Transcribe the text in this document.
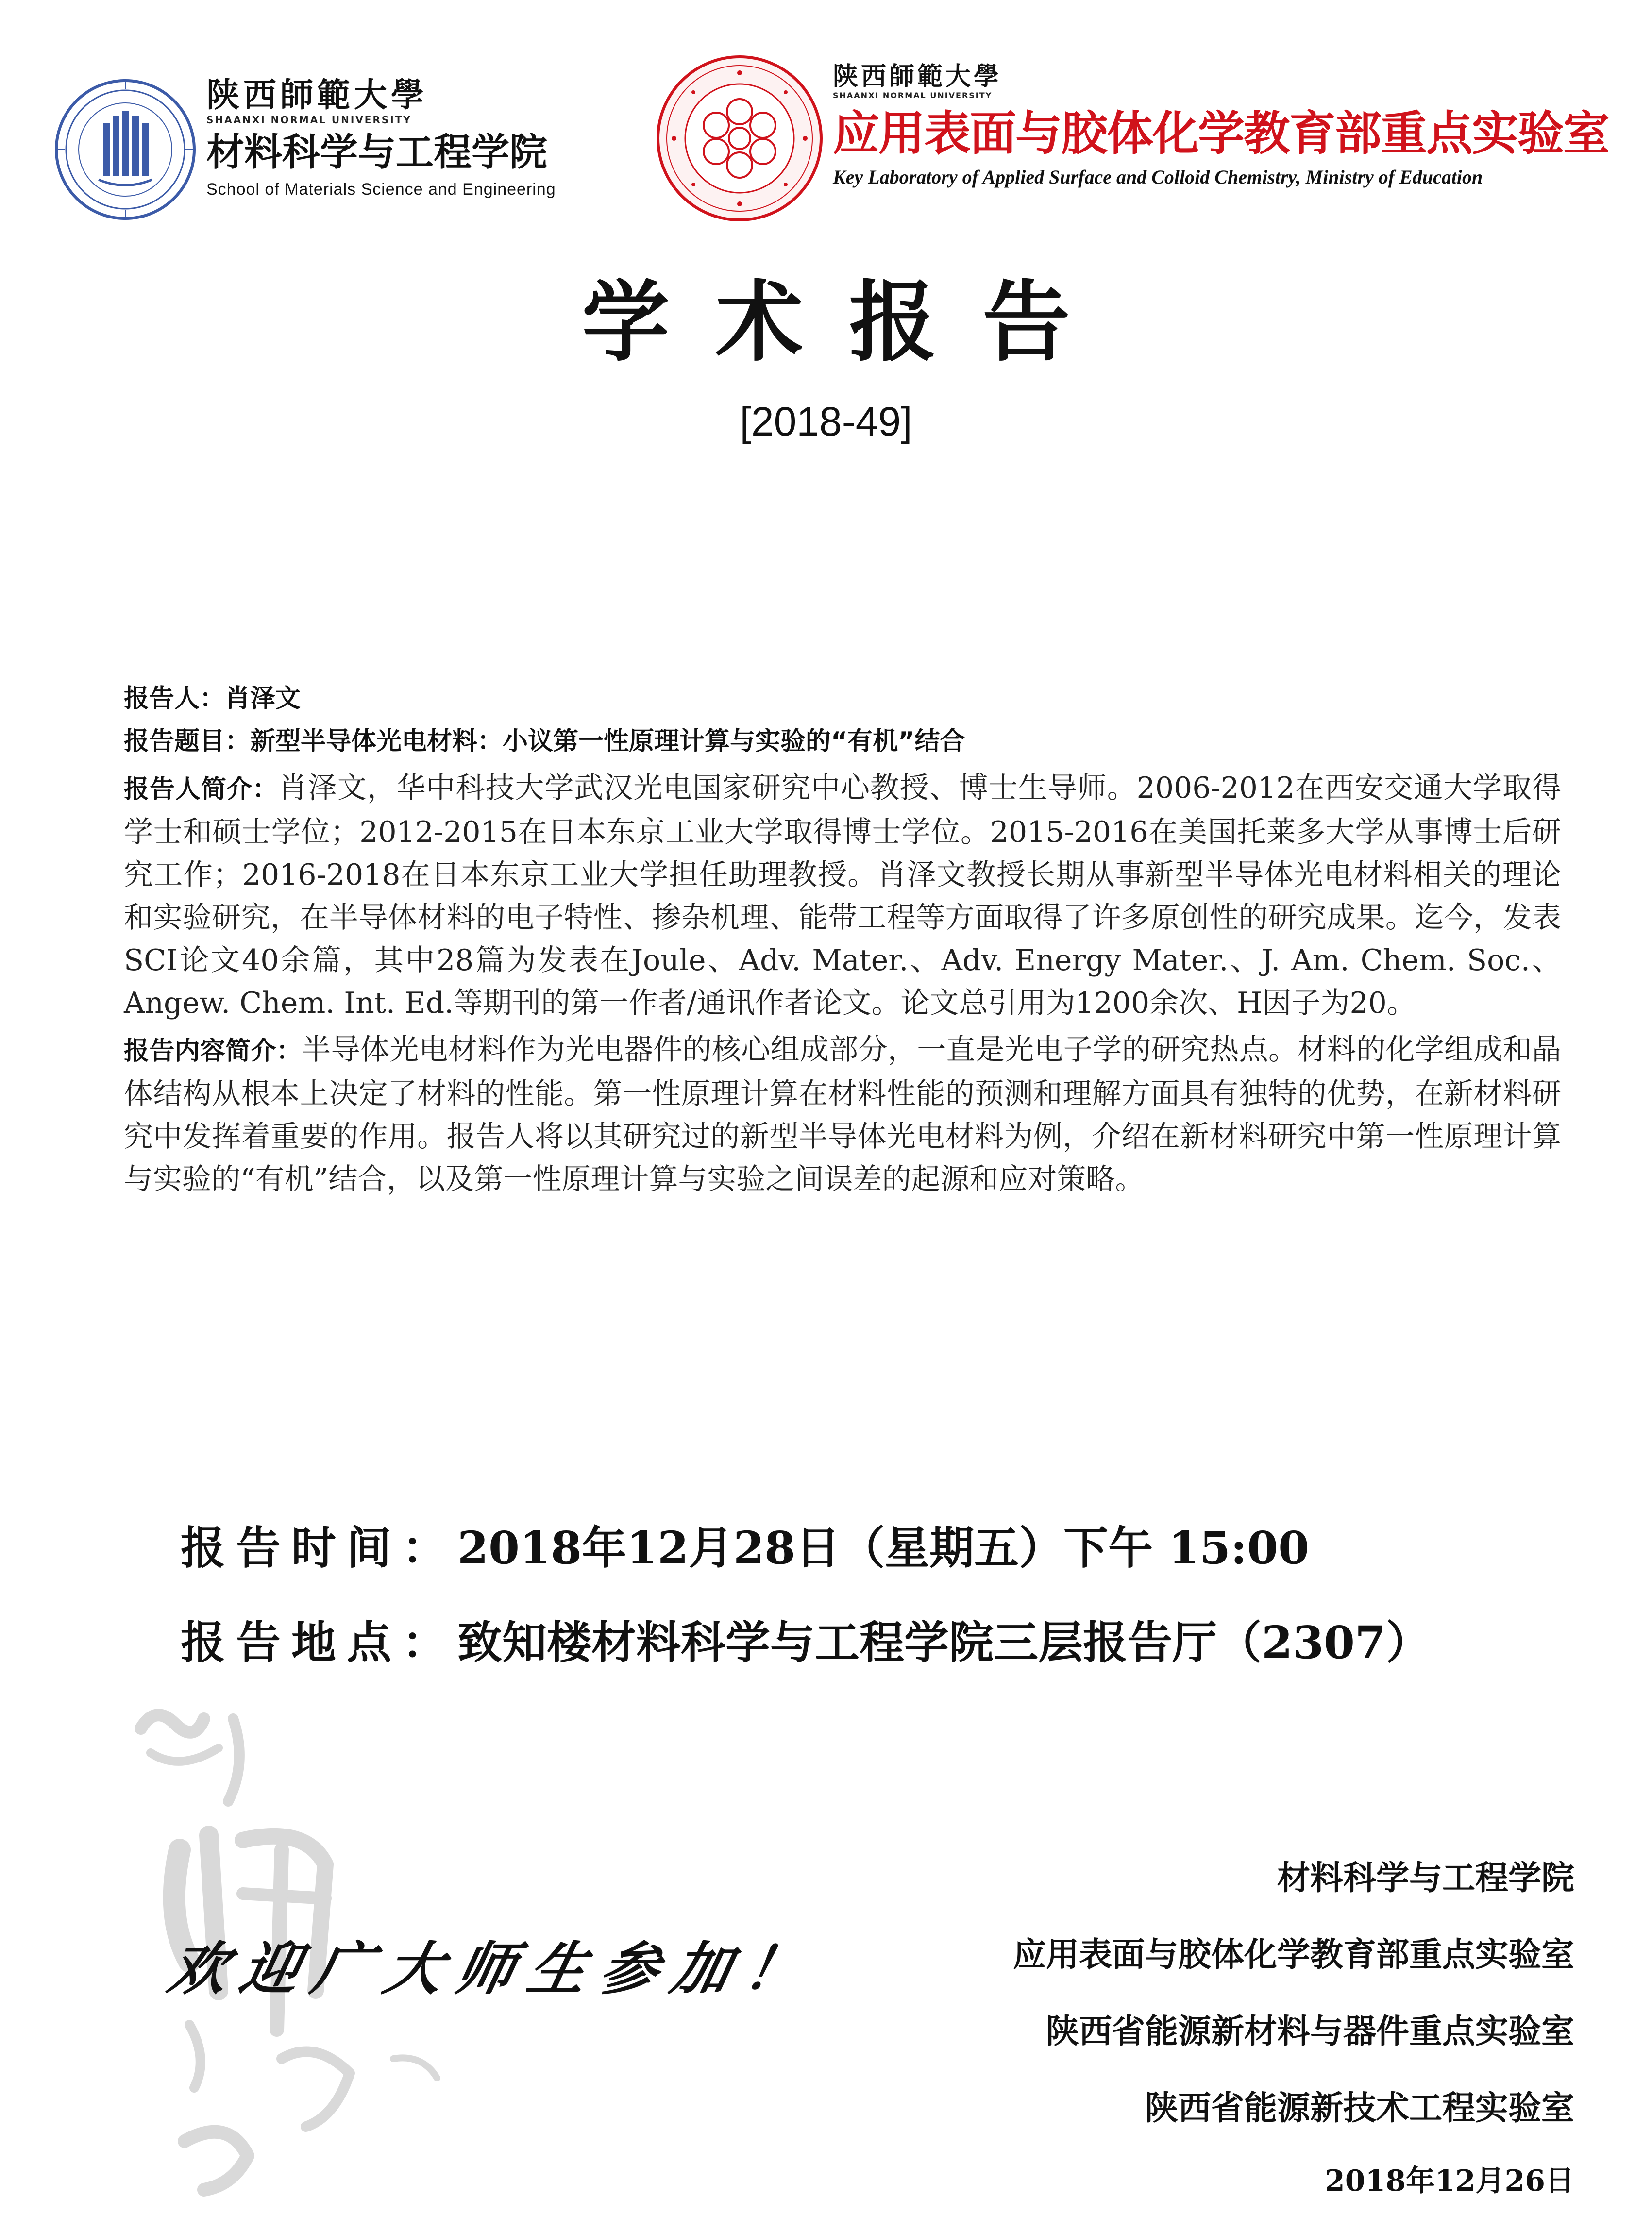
陕西師範大學
SHAANXI NORMAL UNIVERSITY
材料科学与工程学院
School of Materials Science and Engineering
陕西師範大學
SHAANXI NORMAL UNIVERSITY
应用表面与胶体化学教育部重点实验室
Key Laboratory of Applied Surface and Colloid Chemistry, Ministry of Education
学术报告
[2018-49]

报告人：肖泽文

报告题目：新型半导体光电材料：小议第一性原理计算与实验的“有机”结合

报告人简介：肖泽文，华中科技大学武汉光电国家研究中心教授、博士生导师。2006-2012在西安交通大学取得学士和硕士学位；2012-2015在日本东京工业大学取得博士学位。2015-2016在美国托莱多大学从事博士后研究工作；2016-2018在日本东京工业大学担任助理教授。肖泽文教授长期从事新型半导体光电材料相关的理论和实验研究，在半导体材料的电子特性、掺杂机理、能带工程等方面取得了许多原创性的研究成果。迄今，发表SCI论文40余篇，其中28篇为发表在Joule、Adv. Mater.、Adv. Energy Mater.、J. Am. Chem. Soc.、Angew. Chem. Int. Ed.等期刊的第一作者/通讯作者论文。论文总引用为1200余次、H因子为20。

报告内容简介：半导体光电材料作为光电器件的核心组成部分，一直是光电子学的研究热点。材料的化学组成和晶体结构从根本上决定了材料的性能。第一性原理计算在材料性能的预测和理解方面具有独特的优势，在新材料研究中发挥着重要的作用。报告人将以其研究过的新型半导体光电材料为例，介绍在新材料研究中第一性原理计算与实验的“有机”结合，以及第一性原理计算与实验之间误差的起源和应对策略。

报告时间：2018年12月28日（星期五）下午 15:00
报告地点：致知楼材料科学与工程学院三层报告厅（2307）
欢迎广大师生参加！
材料科学与工程学院
应用表面与胶体化学教育部重点实验室
陕西省能源新材料与器件重点实验室
陕西省能源新技术工程实验室
2018年12月26日
